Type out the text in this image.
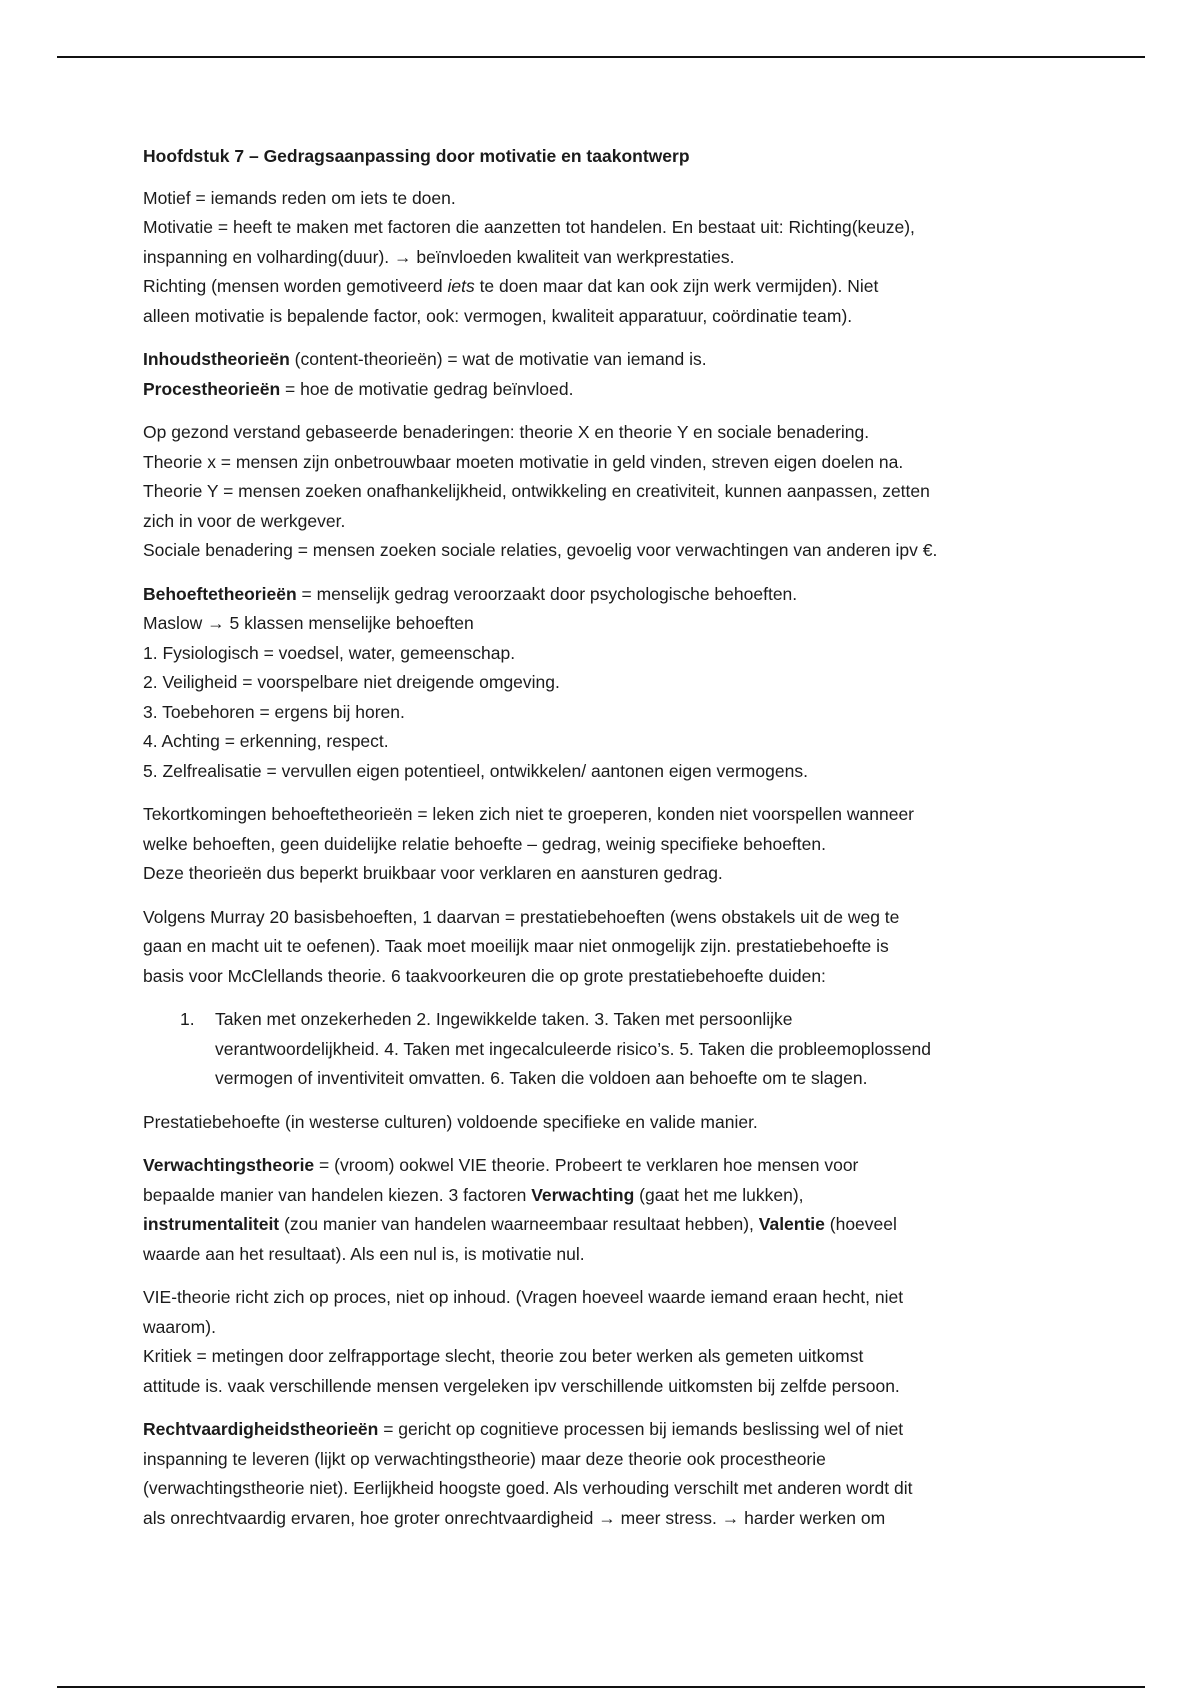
Hoofdstuk 7 – Gedragsaanpassing door motivatie en taakontwerp
Motief = iemands reden om iets te doen.
Motivatie = heeft te maken met factoren die aanzetten tot handelen. En bestaat uit: Richting(keuze),
inspanning en volharding(duur). → beïnvloeden kwaliteit van werkprestaties.
Richting (mensen worden gemotiveerd iets te doen maar dat kan ook zijn werk vermijden). Niet
alleen motivatie is bepalende factor, ook: vermogen, kwaliteit apparatuur, coördinatie team).
Inhoudstheorieën (content-theorieën) = wat de motivatie van iemand is.
Procestheorieën = hoe de motivatie gedrag beïnvloed.
Op gezond verstand gebaseerde benaderingen: theorie X en theorie Y en sociale benadering.
Theorie x = mensen zijn onbetrouwbaar moeten motivatie in geld vinden, streven eigen doelen na.
Theorie Y = mensen zoeken onafhankelijkheid, ontwikkeling en creativiteit, kunnen aanpassen, zetten
zich in voor de werkgever.
Sociale benadering = mensen zoeken sociale relaties, gevoelig voor verwachtingen van anderen ipv €.
Behoeftetheorieën = menselijk gedrag veroorzaakt door psychologische behoeften.
Maslow → 5 klassen menselijke behoeften
1. Fysiologisch = voedsel, water, gemeenschap.
2. Veiligheid = voorspelbare niet dreigende omgeving.
3. Toebehoren = ergens bij horen.
4. Achting = erkenning, respect.
5. Zelfrealisatie = vervullen eigen potentieel, ontwikkelen/ aantonen eigen vermogens.
Tekortkomingen behoeftetheorieën = leken zich niet te groeperen, konden niet voorspellen wanneer
welke behoeften, geen duidelijke relatie behoefte – gedrag, weinig specifieke behoeften.
Deze theorieën dus beperkt bruikbaar voor verklaren en aansturen gedrag.
Volgens Murray 20 basisbehoeften, 1 daarvan = prestatiebehoeften (wens obstakels uit de weg te
gaan en macht uit te oefenen). Taak moet moeilijk maar niet onmogelijk zijn. prestatiebehoefte is
basis voor McClellands theorie. 6 taakvoorkeuren die op grote prestatiebehoefte duiden:
1. Taken met onzekerheden 2. Ingewikkelde taken. 3. Taken met persoonlijke
verantwoordelijkheid. 4. Taken met ingecalculeerde risico’s. 5. Taken die probleemoplossend
vermogen of inventiviteit omvatten. 6. Taken die voldoen aan behoefte om te slagen.
Prestatiebehoefte (in westerse culturen) voldoende specifieke en valide manier.
Verwachtingstheorie = (vroom) ookwel VIE theorie. Probeert te verklaren hoe mensen voor
bepaalde manier van handelen kiezen. 3 factoren Verwachting (gaat het me lukken),
instrumentaliteit (zou manier van handelen waarneembaar resultaat hebben), Valentie (hoeveel
waarde aan het resultaat). Als een nul is, is motivatie nul.
VIE-theorie richt zich op proces, niet op inhoud. (Vragen hoeveel waarde iemand eraan hecht, niet
waarom).
Kritiek = metingen door zelfrapportage slecht, theorie zou beter werken als gemeten uitkomst
attitude is. vaak verschillende mensen vergeleken ipv verschillende uitkomsten bij zelfde persoon.
Rechtvaardigheidstheorieën = gericht op cognitieve processen bij iemands beslissing wel of niet
inspanning te leveren (lijkt op verwachtingstheorie) maar deze theorie ook procestheorie
(verwachtingstheorie niet). Eerlijkheid hoogste goed. Als verhouding verschilt met anderen wordt dit
als onrechtvaardig ervaren, hoe groter onrechtvaardigheid → meer stress. → harder werken om
